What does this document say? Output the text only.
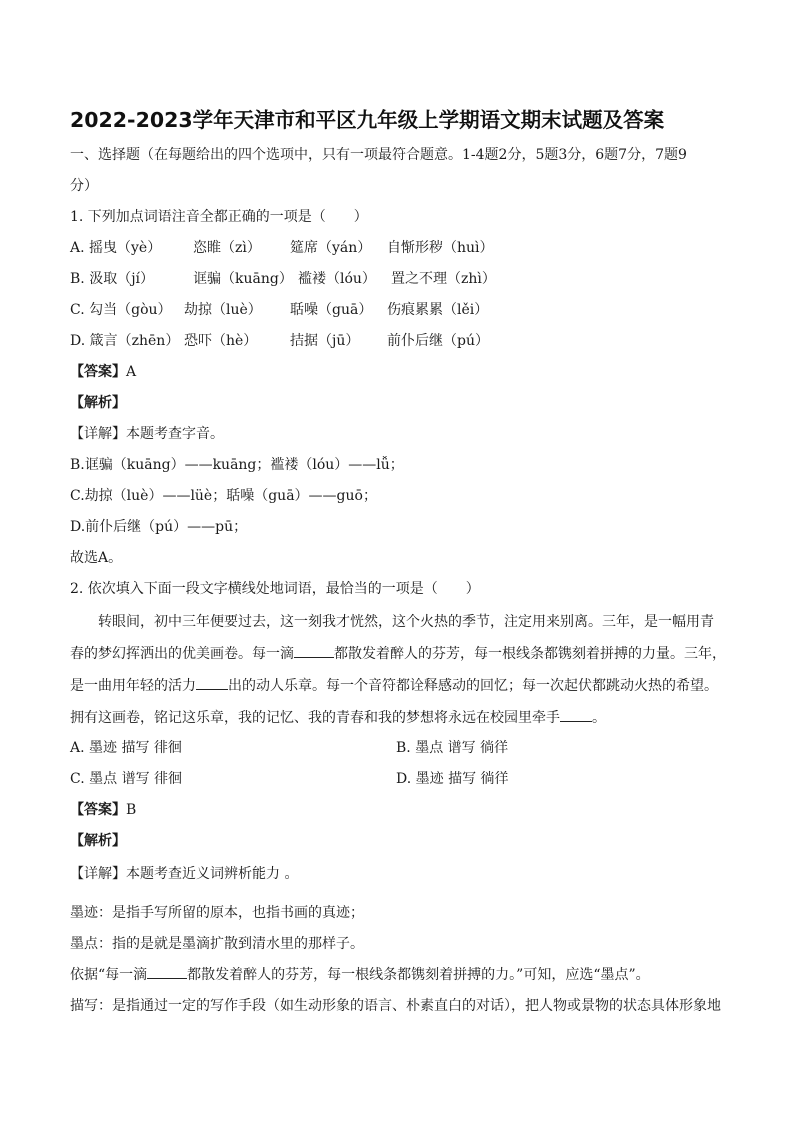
2022-2023学年天津市和平区九年级上学期语文期末试题及答案
一、选择题（在每题给出的四个选项中，只有一项最符合题意。1-4题2分，5题3分，6题7分，7题9
分）
1. 下列加点词语注音全都正确的一项是（　　）
A. 摇曳（yè） 恣睢（zì） 筵席（yán） 自惭形秽（huì）
B. 汲取（jí）	诓骗（kuāng） 褴褛（lóu） 置之不理（zhì）
C. 勾当（gòu） 劫掠（luè） 聒噪（guā） 伤痕累累（lěi）
D. 箴言（zhēn） 恐吓（hè） 拮据（jū） 前仆后继（pú）
【答案】A
【解析】
【详解】本题考查字音。
B.诓骗（kuāng）——kuāng；褴褛（lóu）——lǚ；
C.劫掠（luè）——lüè；聒噪（guā）——guō；
D.前仆后继（pú）——pū；
故选A。
2. 依次填入下面一段文字横线处地词语，最恰当的一项是（　　）
转眼间，初中三年便要过去，这一刻我才恍然，这个火热的季节，注定用来别离。三年，是一幅用青
春的梦幻挥洒出的优美画卷。每一滴	都散发着醉人的芬芳，每一根线条都镌刻着拼搏的力量。三年，
是一曲用年轻的活力 出的动人乐章。每一个音符都诠释感动的回忆；每一次起伏都跳动火热的希望。
拥有这画卷，铭记这乐章，我的记忆、我的青春和我的梦想将永远在校园里牵手 。
A. 墨迹 描写 徘徊	B. 墨点 谱写 徜徉
C. 墨点 谱写 徘徊	D. 墨迹 描写 徜徉
【答案】B
【解析】
【详解】本题考查近义词辨析能力 。
墨迹：是指手写所留的原本，也指书画的真迹；
墨点：指的是就是墨滴扩散到清水里的那样子。
依据“每一滴	都散发着醉人的芬芳，每一根线条都镌刻着拼搏的力。”可知，应选“墨点”。
描写：是指通过一定的写作手段（如生动形象的语言、朴素直白的对话），把人物或景物的状态具体形象地
